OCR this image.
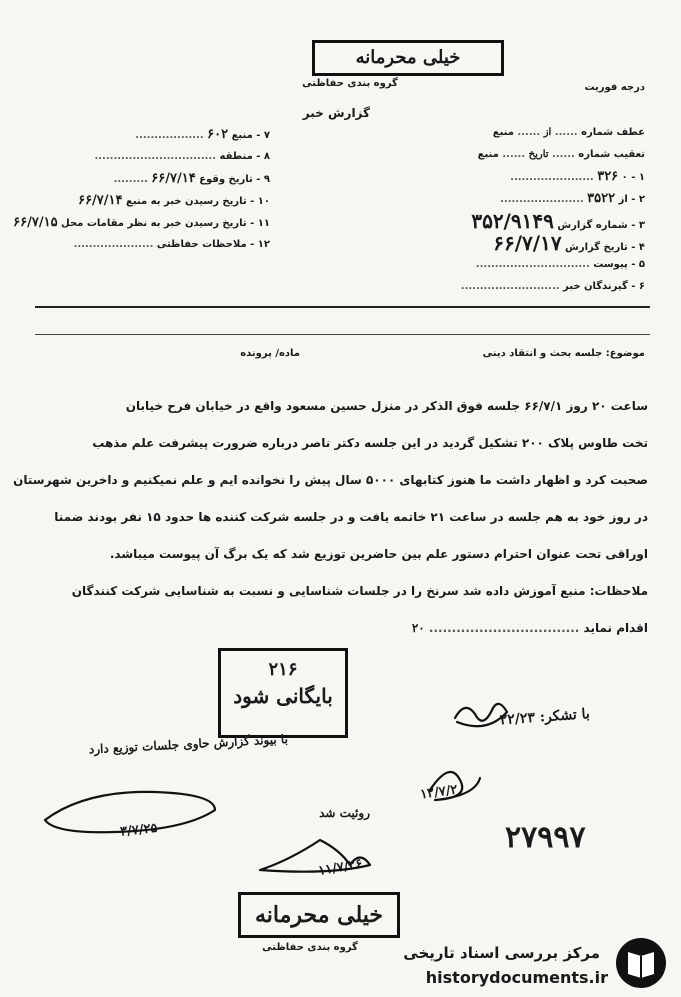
خیلی محرمانه
گروه بندی حفاظتی	درجه فوریت
گزارش خبر
عطف شماره ...... از ...... منبع
تعقیب شماره ...... تاریخ ...... منبع
۱ - ۰ ۳۲۶ ......................
۲ - از ۳۵۲۲ ......................
۳ - شماره گزارش ۳۵۲/۹۱۴۹
۴ - تاریخ گزارش ۶۶/۷/۱۷
۵ - پیوست ..............................
۶ - گیرندگان خبر ..........................
۷ - منبع ۶۰۲ ..................
۸ - منطقه ................................
۹ - تاریخ وقوع ۶۶/۷/۱۴ .........
۱۰ - تاریخ رسیدن خبر به منبع ۶۶/۷/۱۴
۱۱ - تاریخ رسیدن خبر به نظر مقامات محل ۶۶/۷/۱۵
۱۲ - ملاحظات حفاظتی .....................
موضوع: جلسه بحث و انتقاد دینی
ماده/ پرونده
ساعت ۲۰ روز ۶۶/۷/۱ جلسه فوق الذکر در منزل حسین مسعود واقع در خیابان فرح خیابان
تخت طاوس پلاک ۲۰۰ تشکیل گردید در این جلسه دکتر ناصر درباره ضرورت پیشرفت علم مذهب
صحبت کرد و اظهار داشت ما هنوز کتابهای ۵۰۰۰ سال پیش را نخوانده ایم و علم نمیکنیم و داخرین شهرستان
در روز خود به هم جلسه در ساعت ۲۱ خاتمه یافت و در جلسه شرکت کننده ها حدود ۱۵ نفر بودند ضمنا
اوراقی تحت عنوان احترام دستور علم بین حاضرین توزیع شد که یک برگ آن پیوست میباشد.
ملاحظات: منبع آموزش داده شد سرنخ را در جلسات شناسایی و نسبت به شناسایی شرکت کنندگان
اقدام نماید ................................. ۲۰
۲۱۶
بایگانی شود
با تشکر: ۲۲/۲۳
با بیوند گزارش حاوی جلسات توزیع دارد
۳/۷/۲۵
۱۲/۷/۲
روئیت شد
۱۱/۷/۲۶
۲۷۹۹۷
خیلی محرمانه
گروه بندی حفاظتی	مرکز بررسی اسناد تاریخی
historydocuments.ir
